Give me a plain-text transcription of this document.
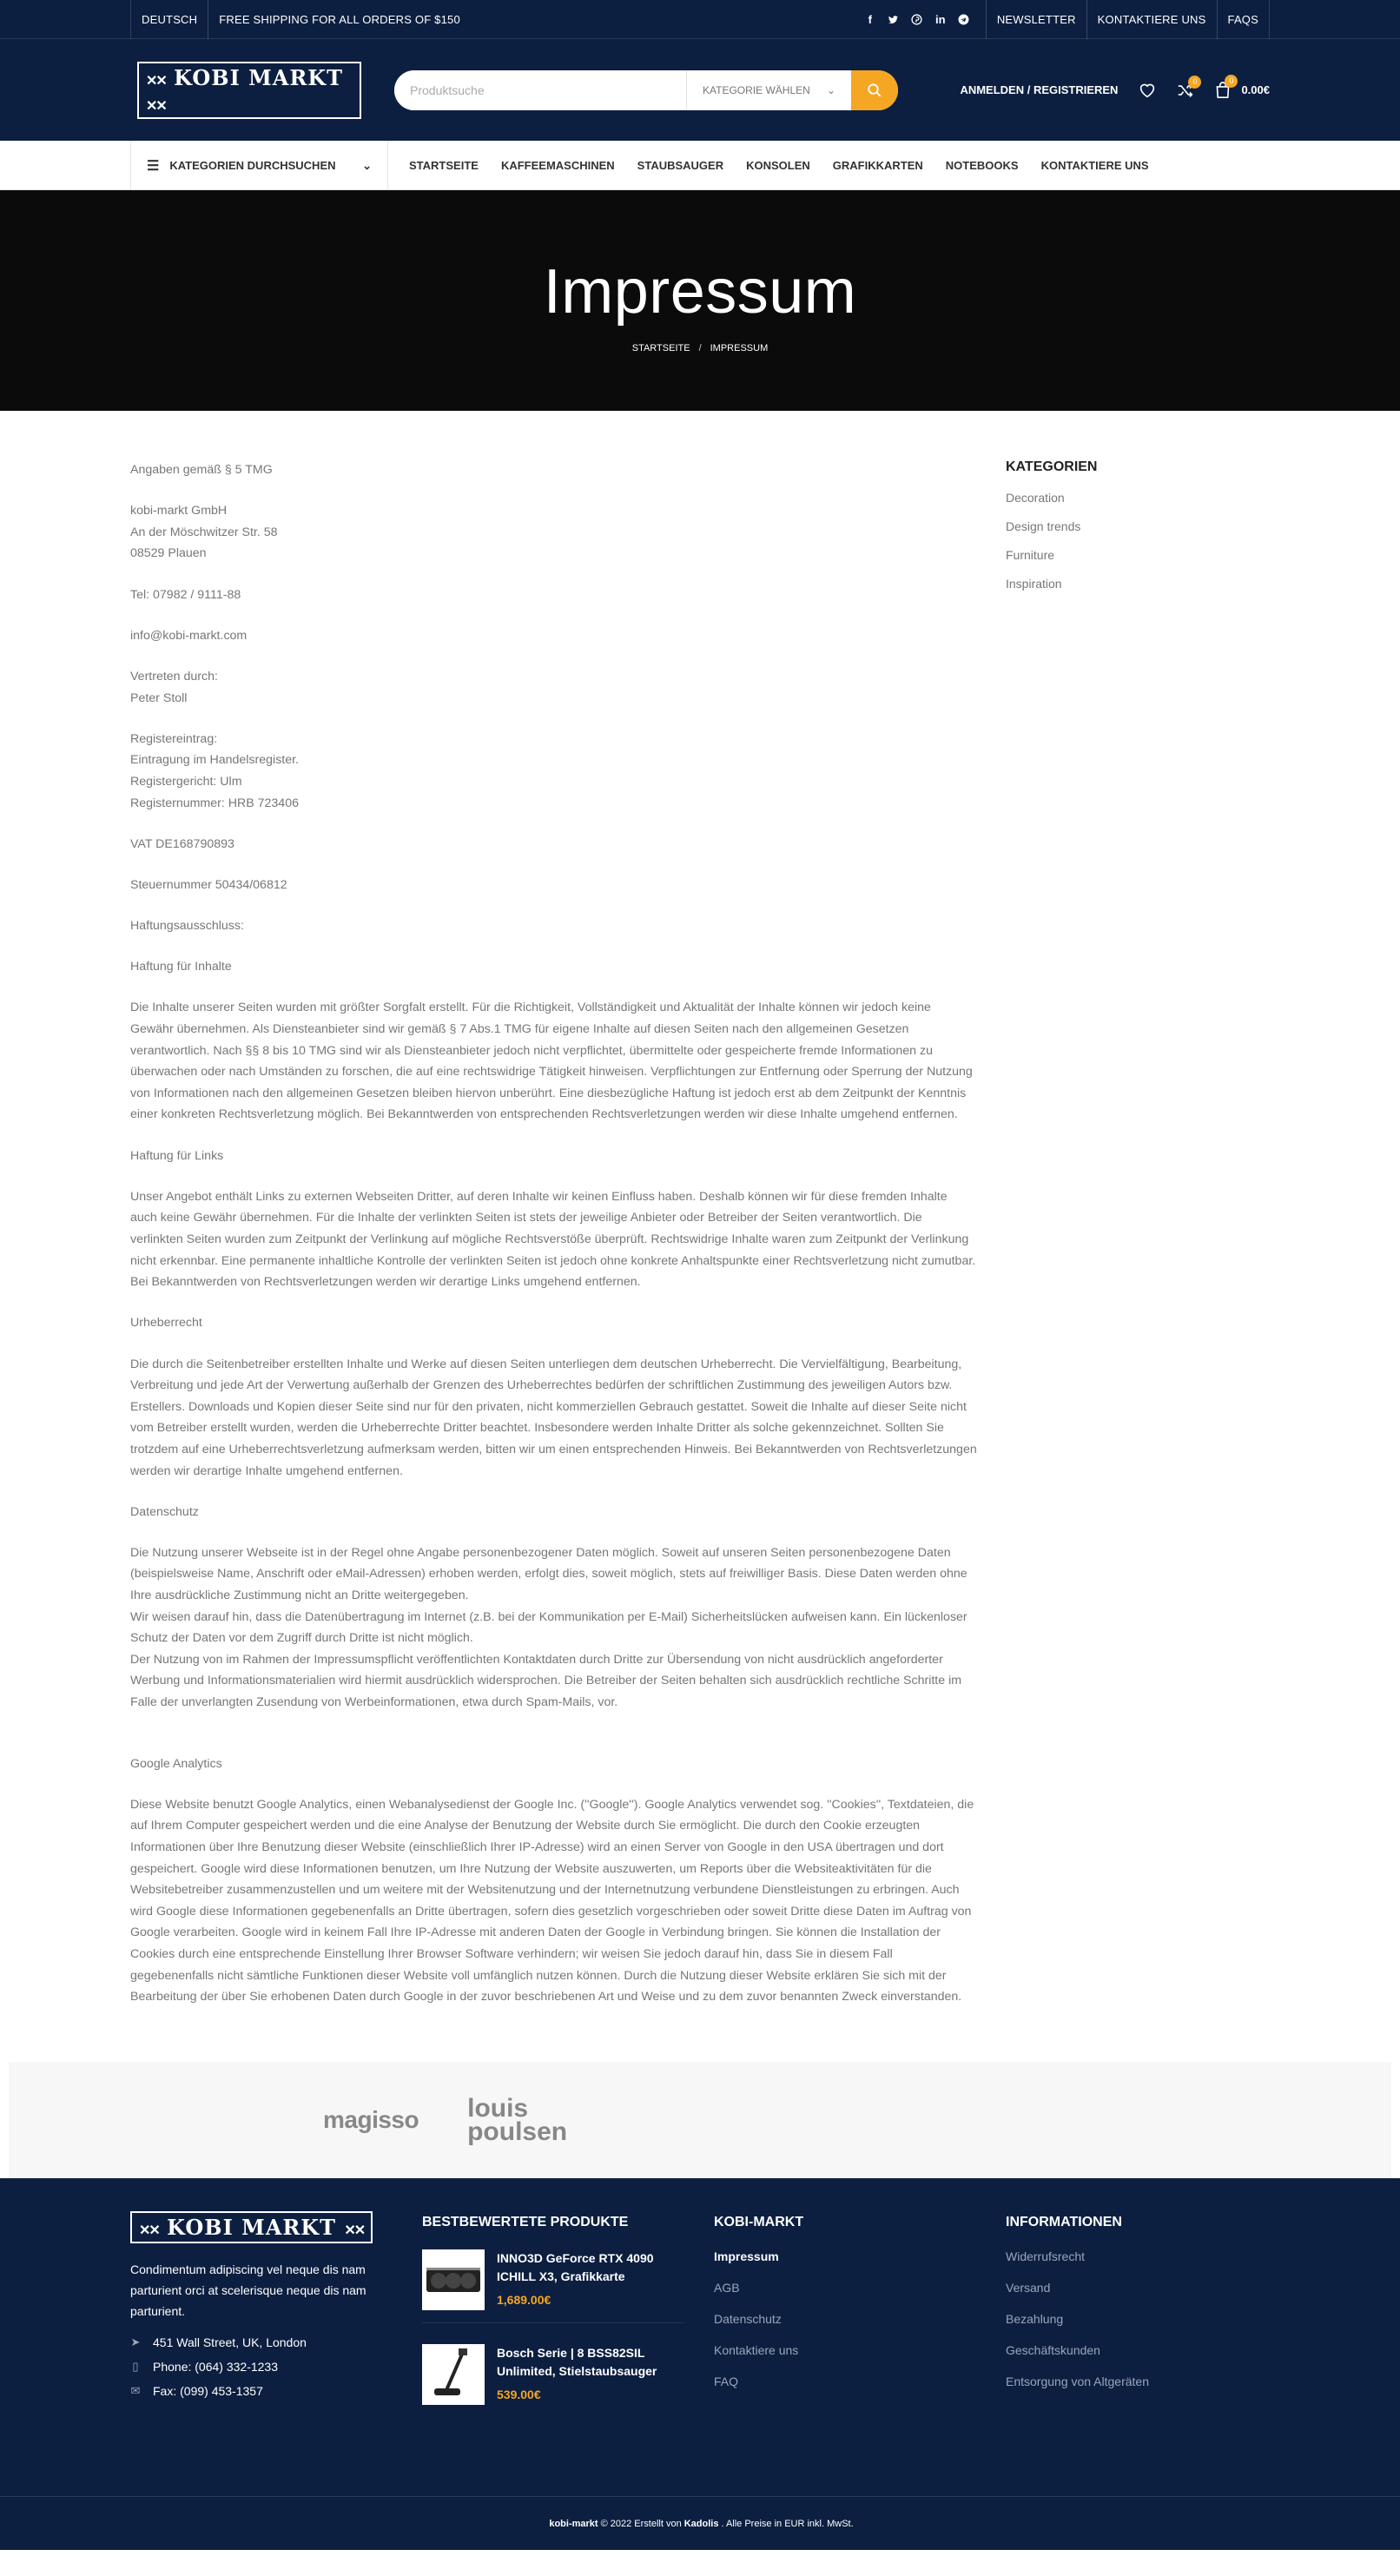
DEUTSCH	FREE SHIPPING FOR ALL ORDERS OF $150	f	in	NEWSLETTER	KONTAKTIERE UNS	FAQS
✕✕ KOBI MARKT ✕✕
Produktsuche
KATEGORIE WÄHLEN ⌄	ANMELDEN / REGISTRIEREN
0	0
0.00€
☰ KATEGORIEN DURCHSUCHEN	⌄	STARTSEITE KAFFEEMASCHINEN STAUBSAUGER KONSOLEN GRAFIKKARTEN NOTEBOOKS KONTAKTIERE UNS
Impressum
STARTSEITE / IMPRESSUM

Angaben gemäß § 5 TMG

kobi-markt GmbH
An der Möschwitzer Str. 58
08529 Plauen

Tel: 07982 / 9111-88

info@kobi-markt.com

Vertreten durch:
Peter Stoll

Registereintrag:
Eintragung im Handelsregister.
Registergericht: Ulm
Registernummer: HRB 723406

VAT DE168790893

Steuernummer 50434/06812

Haftungsausschluss:

Haftung für Inhalte

Die Inhalte unserer Seiten wurden mit größter Sorgfalt erstellt. Für die Richtigkeit, Vollständigkeit und Aktualität der Inhalte können wir jedoch keine Gewähr übernehmen. Als Diensteanbieter sind wir gemäß § 7 Abs.1 TMG für eigene Inhalte auf diesen Seiten nach den allgemeinen Gesetzen verantwortlich. Nach §§ 8 bis 10 TMG sind wir als Diensteanbieter jedoch nicht verpflichtet, übermittelte oder gespeicherte fremde Informationen zu überwachen oder nach Umständen zu forschen, die auf eine rechtswidrige Tätigkeit hinweisen. Verpflichtungen zur Entfernung oder Sperrung der Nutzung von Informationen nach den allgemeinen Gesetzen bleiben hiervon unberührt. Eine diesbezügliche Haftung ist jedoch erst ab dem Zeitpunkt der Kenntnis einer konkreten Rechtsverletzung möglich. Bei Bekanntwerden von entsprechenden Rechtsverletzungen werden wir diese Inhalte umgehend entfernen.

Haftung für Links

Unser Angebot enthält Links zu externen Webseiten Dritter, auf deren Inhalte wir keinen Einfluss haben. Deshalb können wir für diese fremden Inhalte auch keine Gewähr übernehmen. Für die Inhalte der verlinkten Seiten ist stets der jeweilige Anbieter oder Betreiber der Seiten verantwortlich. Die verlinkten Seiten wurden zum Zeitpunkt der Verlinkung auf mögliche Rechtsverstöße überprüft. Rechtswidrige Inhalte waren zum Zeitpunkt der Verlinkung nicht erkennbar. Eine permanente inhaltliche Kontrolle der verlinkten Seiten ist jedoch ohne konkrete Anhaltspunkte einer Rechtsverletzung nicht zumutbar. Bei Bekanntwerden von Rechtsverletzungen werden wir derartige Links umgehend entfernen.

Urheberrecht

Die durch die Seitenbetreiber erstellten Inhalte und Werke auf diesen Seiten unterliegen dem deutschen Urheberrecht. Die Vervielfältigung, Bearbeitung, Verbreitung und jede Art der Verwertung außerhalb der Grenzen des Urheberrechtes bedürfen der schriftlichen Zustimmung des jeweiligen Autors bzw. Erstellers. Downloads und Kopien dieser Seite sind nur für den privaten, nicht kommerziellen Gebrauch gestattet. Soweit die Inhalte auf dieser Seite nicht vom Betreiber erstellt wurden, werden die Urheberrechte Dritter beachtet. Insbesondere werden Inhalte Dritter als solche gekennzeichnet. Sollten Sie trotzdem auf eine Urheberrechtsverletzung aufmerksam werden, bitten wir um einen entsprechenden Hinweis. Bei Bekanntwerden von Rechtsverletzungen werden wir derartige Inhalte umgehend entfernen.

Datenschutz

Die Nutzung unserer Webseite ist in der Regel ohne Angabe personenbezogener Daten möglich. Soweit auf unseren Seiten personenbezogene Daten (beispielsweise Name, Anschrift oder eMail-Adressen) erhoben werden, erfolgt dies, soweit möglich, stets auf freiwilliger Basis. Diese Daten werden ohne Ihre ausdrückliche Zustimmung nicht an Dritte weitergegeben.
Wir weisen darauf hin, dass die Datenübertragung im Internet (z.B. bei der Kommunikation per E-Mail) Sicherheitslücken aufweisen kann. Ein lückenloser Schutz der Daten vor dem Zugriff durch Dritte ist nicht möglich.
Der Nutzung von im Rahmen der Impressumspflicht veröffentlichten Kontaktdaten durch Dritte zur Übersendung von nicht ausdrücklich angeforderter Werbung und Informationsmaterialien wird hiermit ausdrücklich widersprochen. Die Betreiber der Seiten behalten sich ausdrücklich rechtliche Schritte im Falle der unverlangten Zusendung von Werbeinformationen, etwa durch Spam-Mails, vor.

Google Analytics

Diese Website benutzt Google Analytics, einen Webanalysedienst der Google Inc. (''Google''). Google Analytics verwendet sog. ''Cookies'', Textdateien, die auf Ihrem Computer gespeichert werden und die eine Analyse der Benutzung der Website durch Sie ermöglicht. Die durch den Cookie erzeugten Informationen über Ihre Benutzung dieser Website (einschließlich Ihrer IP-Adresse) wird an einen Server von Google in den USA übertragen und dort gespeichert. Google wird diese Informationen benutzen, um Ihre Nutzung der Website auszuwerten, um Reports über die Websiteaktivitäten für die Websitebetreiber zusammenzustellen und um weitere mit der Websitenutzung und der Internetnutzung verbundene Dienstleistungen zu erbringen. Auch wird Google diese Informationen gegebenenfalls an Dritte übertragen, sofern dies gesetzlich vorgeschrieben oder soweit Dritte diese Daten im Auftrag von Google verarbeiten. Google wird in keinem Fall Ihre IP-Adresse mit anderen Daten der Google in Verbindung bringen. Sie können die Installation der Cookies durch eine entsprechende Einstellung Ihrer Browser Software verhindern; wir weisen Sie jedoch darauf hin, dass Sie in diesem Fall gegebenenfalls nicht sämtliche Funktionen dieser Website voll umfänglich nutzen können. Durch die Nutzung dieser Website erklären Sie sich mit der Bearbeitung der über Sie erhobenen Daten durch Google in der zuvor beschriebenen Art und Weise und zu dem zuvor benannten Zweck einverstanden.

KATEGORIEN
Decoration
Design trends
Furniture
Inspiration
magisso louis
poulsen
✕✕ KOBI MARKT ✕✕

Condimentum adipiscing vel neque dis nam parturient orci at scelerisque neque dis nam parturient.

➤ 451 Wall Street, UK, London
▯ Phone: (064) 332-1233
✉ Fax: (099) 453-1357
BESTBEWERTETE PRODUKTE
INNO3D GeForce RTX 4090 ICHILL X3, Grafikkarte
1,689.00€
Bosch Serie | 8 BSS82SIL Unlimited, Stielstaubsauger
539.00€
KOBI-MARKT
Impressum
AGB
Datenschutz
Kontaktiere uns
FAQ
INFORMATIONEN
Widerrufsrecht
Versand
Bezahlung
Geschäftskunden
Entsorgung von Altgeräten
kobi-markt © 2022 Erstellt von Kadolis . Alle Preise in EUR inkl. MwSt.
